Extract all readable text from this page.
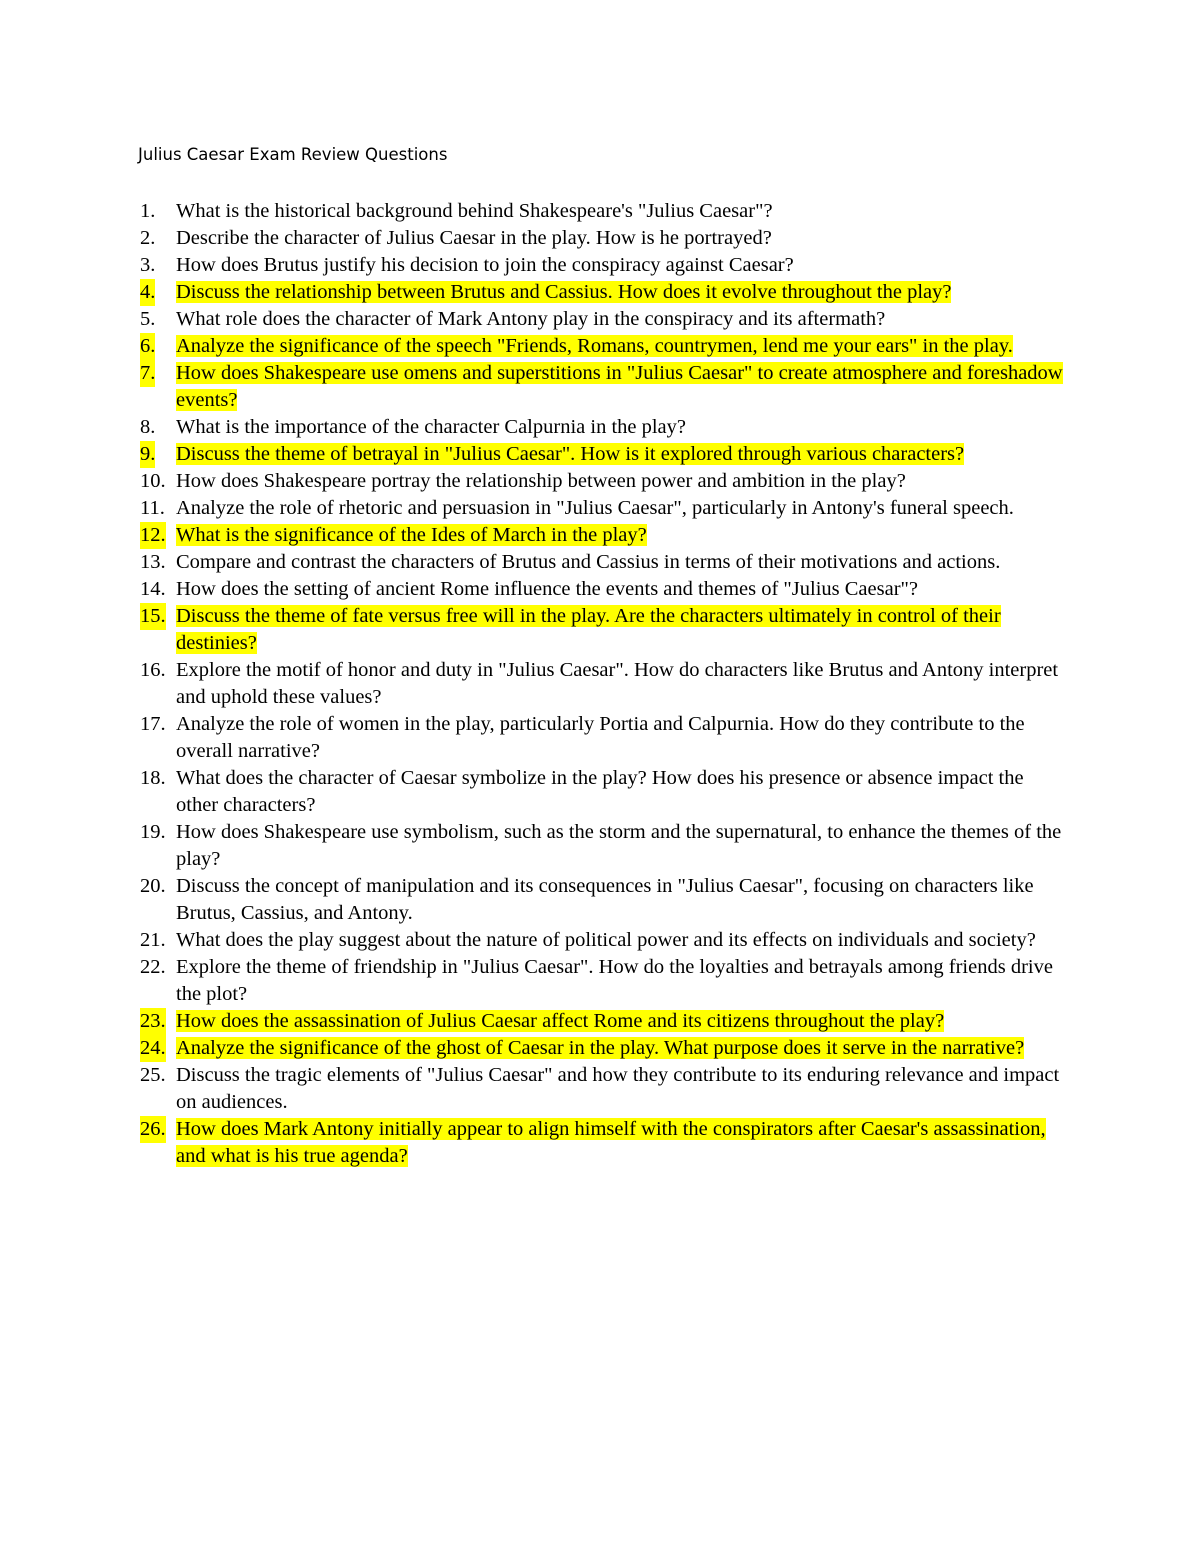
Julius Caesar Exam Review Questions
1. What is the historical background behind Shakespeare's "Julius Caesar"?
2. Describe the character of Julius Caesar in the play. How is he portrayed?
3. How does Brutus justify his decision to join the conspiracy against Caesar?
4. Discuss the relationship between Brutus and Cassius. How does it evolve throughout the play?
5. What role does the character of Mark Antony play in the conspiracy and its aftermath?
6. Analyze the significance of the speech "Friends, Romans, countrymen, lend me your ears" in the play.
7. How does Shakespeare use omens and superstitions in "Julius Caesar" to create atmosphere and foreshadow events?
8. What is the importance of the character Calpurnia in the play?
9. Discuss the theme of betrayal in "Julius Caesar". How is it explored through various characters?
10. How does Shakespeare portray the relationship between power and ambition in the play?
11. Analyze the role of rhetoric and persuasion in "Julius Caesar", particularly in Antony's funeral speech.
12. What is the significance of the Ides of March in the play?
13. Compare and contrast the characters of Brutus and Cassius in terms of their motivations and actions.
14. How does the setting of ancient Rome influence the events and themes of "Julius Caesar"?
15. Discuss the theme of fate versus free will in the play. Are the characters ultimately in control of their destinies?
16. Explore the motif of honor and duty in "Julius Caesar". How do characters like Brutus and Antony interpret and uphold these values?
17. Analyze the role of women in the play, particularly Portia and Calpurnia. How do they contribute to the overall narrative?
18. What does the character of Caesar symbolize in the play? How does his presence or absence impact the other characters?
19. How does Shakespeare use symbolism, such as the storm and the supernatural, to enhance the themes of the play?
20. Discuss the concept of manipulation and its consequences in "Julius Caesar", focusing on characters like Brutus, Cassius, and Antony.
21. What does the play suggest about the nature of political power and its effects on individuals and society?
22. Explore the theme of friendship in "Julius Caesar". How do the loyalties and betrayals among friends drive the plot?
23. How does the assassination of Julius Caesar affect Rome and its citizens throughout the play?
24. Analyze the significance of the ghost of Caesar in the play. What purpose does it serve in the narrative?
25. Discuss the tragic elements of "Julius Caesar" and how they contribute to its enduring relevance and impact on audiences.
26. How does Mark Antony initially appear to align himself with the conspirators after Caesar's assassination, and what is his true agenda?
